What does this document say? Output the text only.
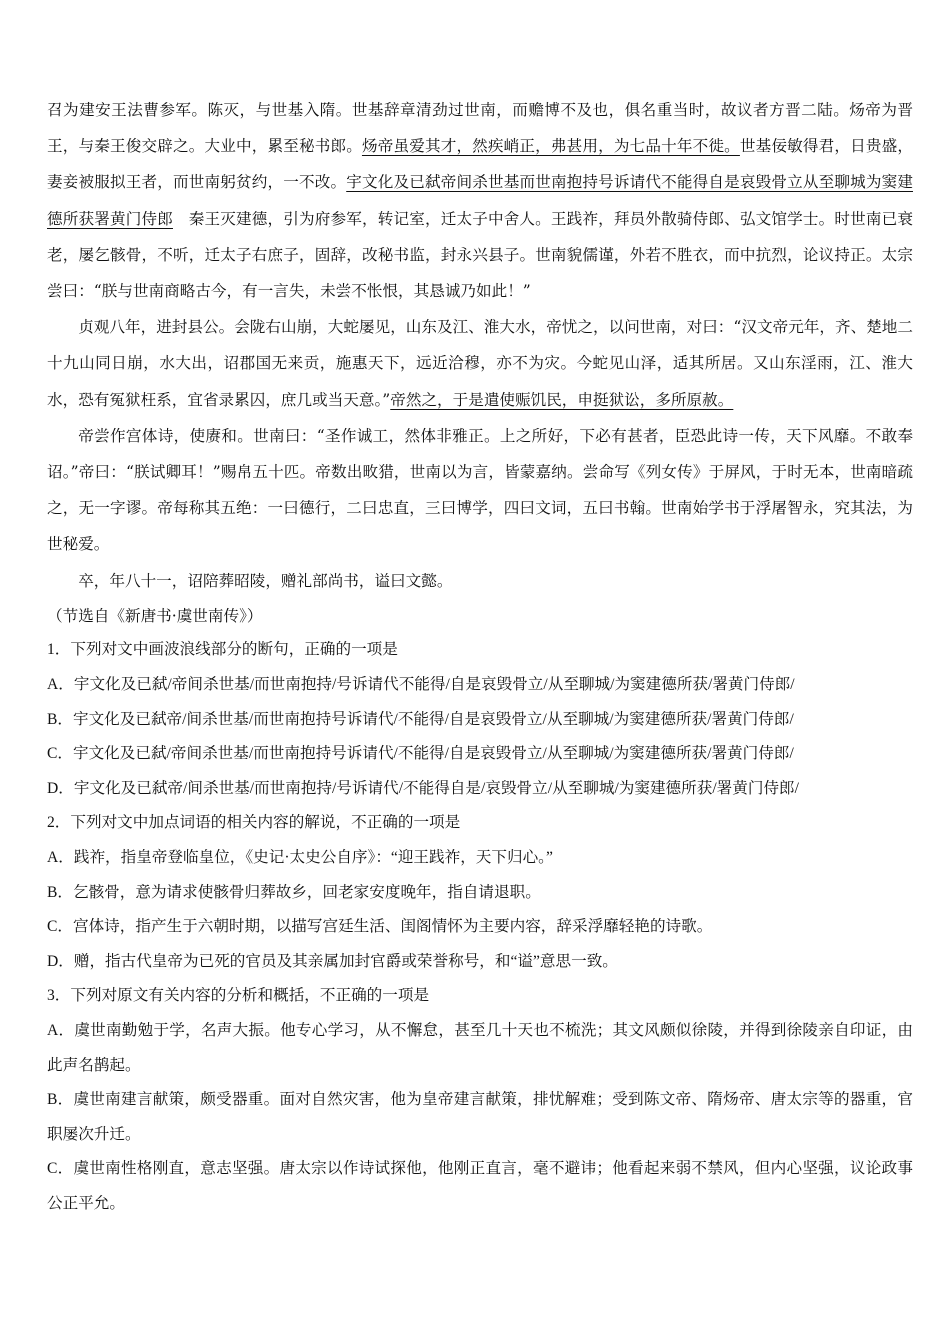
召为建安王法曹参军。陈灭，与世基入隋。世基辞章清劲过世南，而赡博不及也，俱名重当时，故议者方晋二陆。炀帝为晋王，与秦王俊交辟之。大业中，累至秘书郎。炀帝虽爱其才，然疾峭正，弗甚用，为七品十年不徙。世基佞敏得君，日贵盛，妻妾被服拟王者，而世南躬贫约，一不改。宇文化及已弑帝间杀世基而世南抱持号诉请代不能得自是哀毁骨立从至聊城为窦建德所获署黄门侍郎　秦王灭建德，引为府参军，转记室，迁太子中舍人。王践祚，拜员外散骑侍郎、弘文馆学士。时世南已衰老，屡乞骸骨，不听，迁太子右庶子，固辞，改秘书监，封永兴县子。世南貌儒谨，外若不胜衣，而中抗烈，论议持正。太宗尝曰：“朕与世南商略古今，有一言失，未尝不怅恨，其恳诚乃如此！”

贞观八年，进封县公。会陇右山崩，大蛇屡见，山东及江、淮大水，帝忧之，以问世南，对曰：“汉文帝元年，齐、楚地二十九山同日崩，水大出，诏郡国无来贡，施惠天下，远近洽穆，亦不为灾。今蛇见山泽，适其所居。又山东淫雨，江、淮大水，恐有冤狱枉系，宜省录累囚，庶几或当天意。”帝然之，于是遣使赈饥民，申挺狱讼，多所原赦。

帝尝作宫体诗，使赓和。世南曰：“圣作诚工，然体非雅正。上之所好，下必有甚者，臣恐此诗一传，天下风靡。不敢奉诏。”帝曰：“朕试卿耳！”赐帛五十匹。帝数出畋猎，世南以为言，皆蒙嘉纳。尝命写《列女传》于屏风，于时无本，世南暗疏之，无一字谬。帝每称其五绝：一曰德行，二曰忠直，三曰博学，四曰文词，五曰书翰。世南始学书于浮屠智永，究其法，为世秘爱。

卒，年八十一，诏陪葬昭陵，赠礼部尚书，谥曰文懿。

（节选自《新唐书·虞世南传》）

1．下列对文中画波浪线部分的断句，正确的一项是

A．宇文化及已弑/帝间杀世基/而世南抱持/号诉请代不能得/自是哀毁骨立/从至聊城/为窦建德所获/署黄门侍郎/

B．宇文化及已弑帝/间杀世基/而世南抱持号诉请代/不能得/自是哀毁骨立/从至聊城/为窦建德所获/署黄门侍郎/

C．宇文化及已弑/帝间杀世基/而世南抱持号诉请代/不能得/自是哀毁骨立/从至聊城/为窦建德所获/署黄门侍郎/

D．宇文化及已弑帝/间杀世基/而世南抱持/号诉请代/不能得自是/哀毁骨立/从至聊城/为窦建德所获/署黄门侍郎/

2．下列对文中加点词语的相关内容的解说，不正确的一项是

A．践祚，指皇帝登临皇位，《史记·太史公自序》：“迎王践祚，天下归心。”

B．乞骸骨，意为请求使骸骨归葬故乡，回老家安度晚年，指自请退职。

C．宫体诗，指产生于六朝时期，以描写宫廷生活、闺阁情怀为主要内容，辞采浮靡轻艳的诗歌。

D．赠，指古代皇帝为已死的官员及其亲属加封官爵或荣誉称号，和“谥”意思一致。

3．下列对原文有关内容的分析和概括，不正确的一项是

A．虞世南勤勉于学，名声大振。他专心学习，从不懈怠，甚至几十天也不梳洗；其文风颇似徐陵，并得到徐陵亲自印证，由此声名鹊起。

B．虞世南建言献策，颇受器重。面对自然灾害，他为皇帝建言献策，排忧解难；受到陈文帝、隋炀帝、唐太宗等的器重，官职屡次升迁。

C．虞世南性格刚直，意志坚强。唐太宗以作诗试探他，他刚正直言，毫不避讳；他看起来弱不禁风，但内心坚强，议论政事公正平允。
